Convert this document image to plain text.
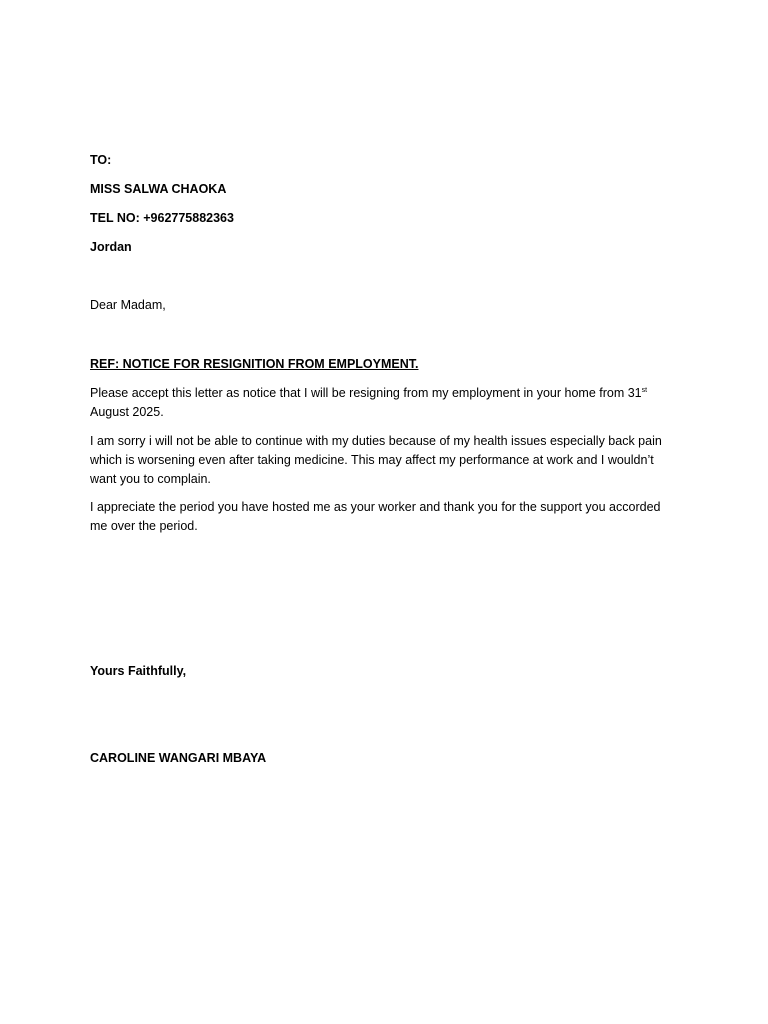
TO:
MISS SALWA CHAOKA
TEL NO: +962775882363
Jordan
Dear Madam,
REF: NOTICE FOR RESIGNITION FROM EMPLOYMENT.
Please accept this letter as notice that I will be resigning from my employment in your home from 31st
August 2025.

I am sorry i will not be able to continue with my duties because of my health issues especially back pain which is worsening even after taking medicine. This may affect my performance at work and I wouldn’t want you to complain.

I appreciate the period you have hosted me as your worker and thank you for the support you accorded me over the period.

Yours Faithfully,
CAROLINE WANGARI MBAYA
